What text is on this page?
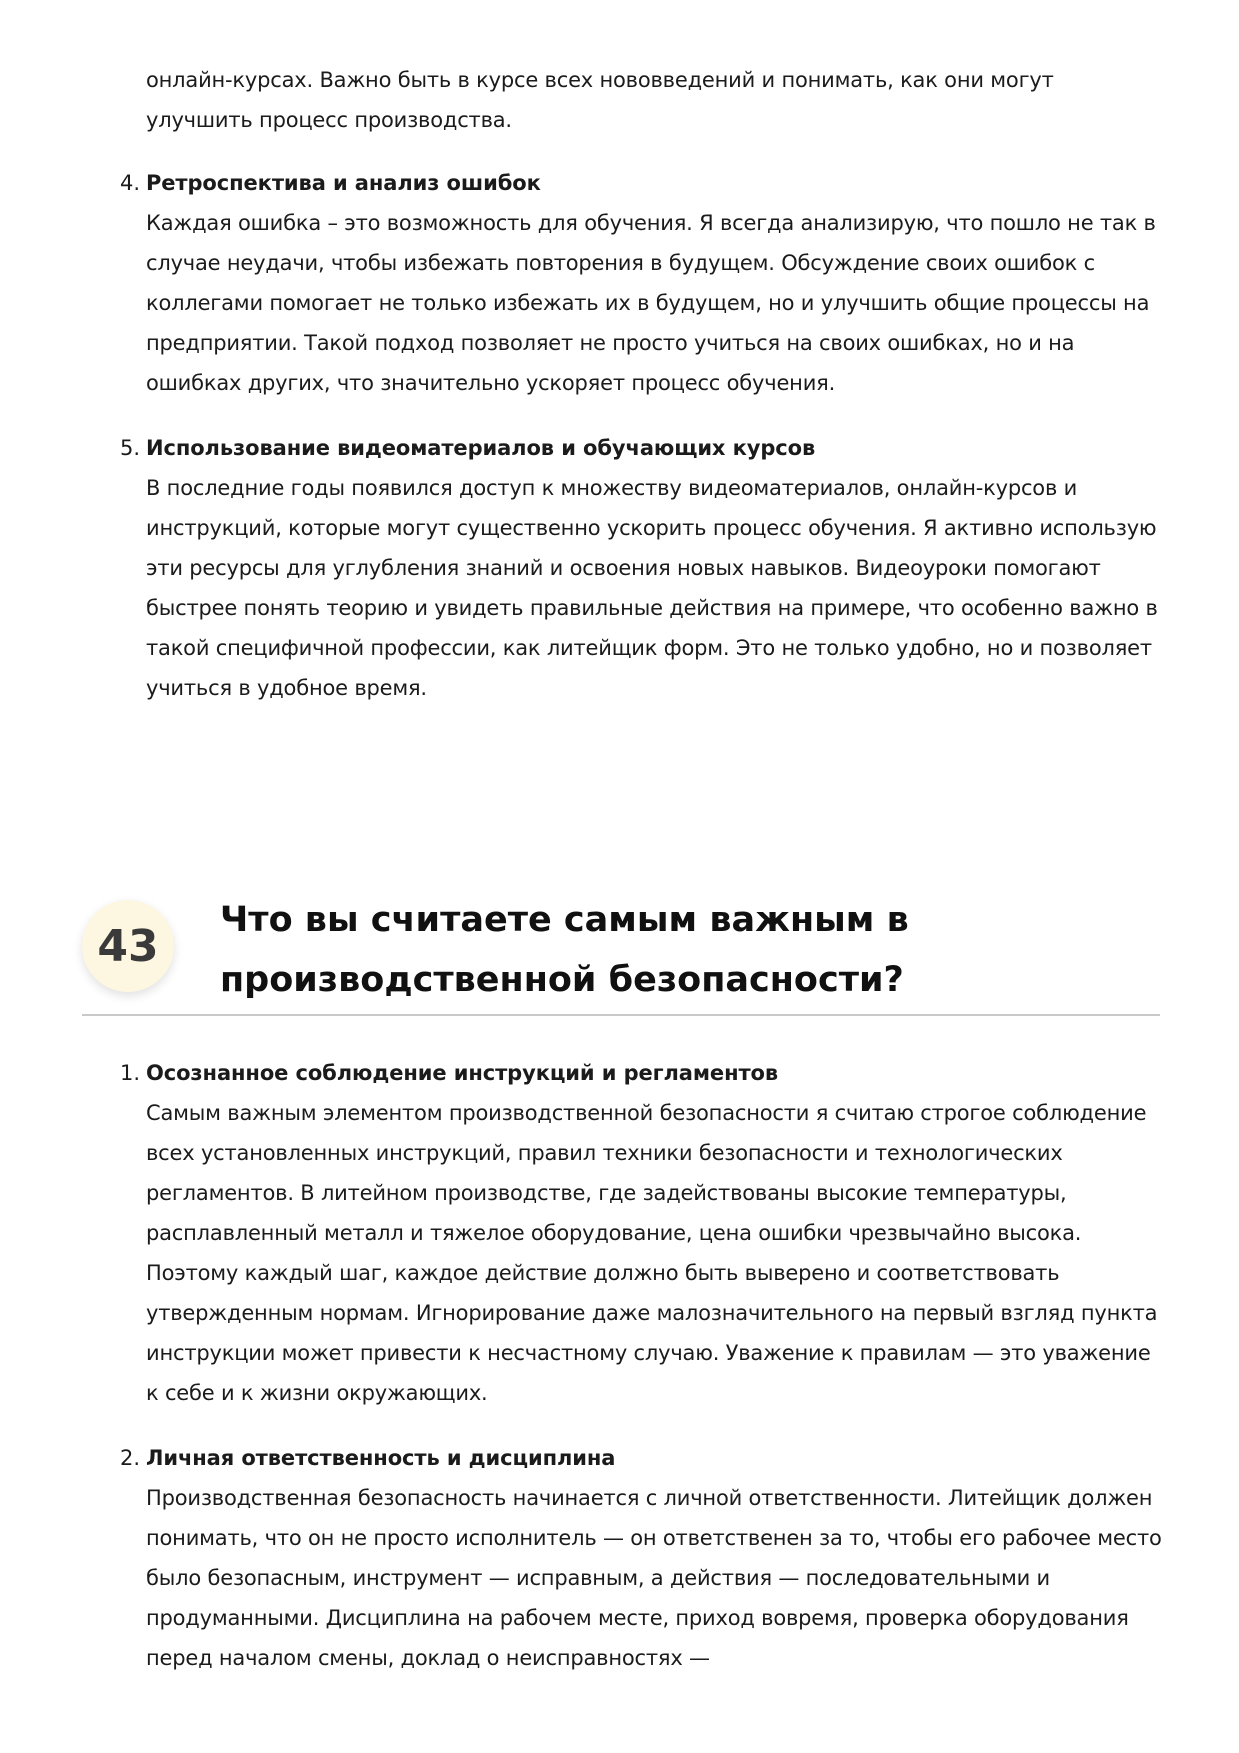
онлайн-курсах. Важно быть в курсе всех нововведений и понимать, как они могут улучшить процесс производства.
4. Ретроспектива и анализ ошибок
Каждая ошибка – это возможность для обучения. Я всегда анализирую, что пошло не так в случае неудачи, чтобы избежать повторения в будущем. Обсуждение своих ошибок с коллегами помогает не только избежать их в будущем, но и улучшить общие процессы на предприятии. Такой подход позволяет не просто учиться на своих ошибках, но и на ошибках других, что значительно ускоряет процесс обучения.
5. Использование видеоматериалов и обучающих курсов
В последние годы появился доступ к множеству видеоматериалов, онлайн-курсов и инструкций, которые могут существенно ускорить процесс обучения. Я активно использую эти ресурсы для углубления знаний и освоения новых навыков. Видеоуроки помогают быстрее понять теорию и увидеть правильные действия на примере, что особенно важно в такой специфичной профессии, как литейщик форм. Это не только удобно, но и позволяет учиться в удобное время.
43
Что вы считаете самым важным в производственной безопасности?
1. Осознанное соблюдение инструкций и регламентов
Самым важным элементом производственной безопасности я считаю строгое соблюдение всех установленных инструкций, правил техники безопасности и технологических регламентов. В литейном производстве, где задействованы высокие температуры, расплавленный металл и тяжелое оборудование, цена ошибки чрезвычайно высока. Поэтому каждый шаг, каждое действие должно быть выверено и соответствовать утвержденным нормам. Игнорирование даже малозначительного на первый взгляд пункта инструкции может привести к несчастному случаю. Уважение к правилам — это уважение к себе и к жизни окружающих.
2. Личная ответственность и дисциплина
Производственная безопасность начинается с личной ответственности. Литейщик должен понимать, что он не просто исполнитель — он ответственен за то, чтобы его рабочее место было безопасным, инструмент — исправным, а действия — последовательными и продуманными. Дисциплина на рабочем месте, приход вовремя, проверка оборудования перед началом смены, доклад о неисправностях —
